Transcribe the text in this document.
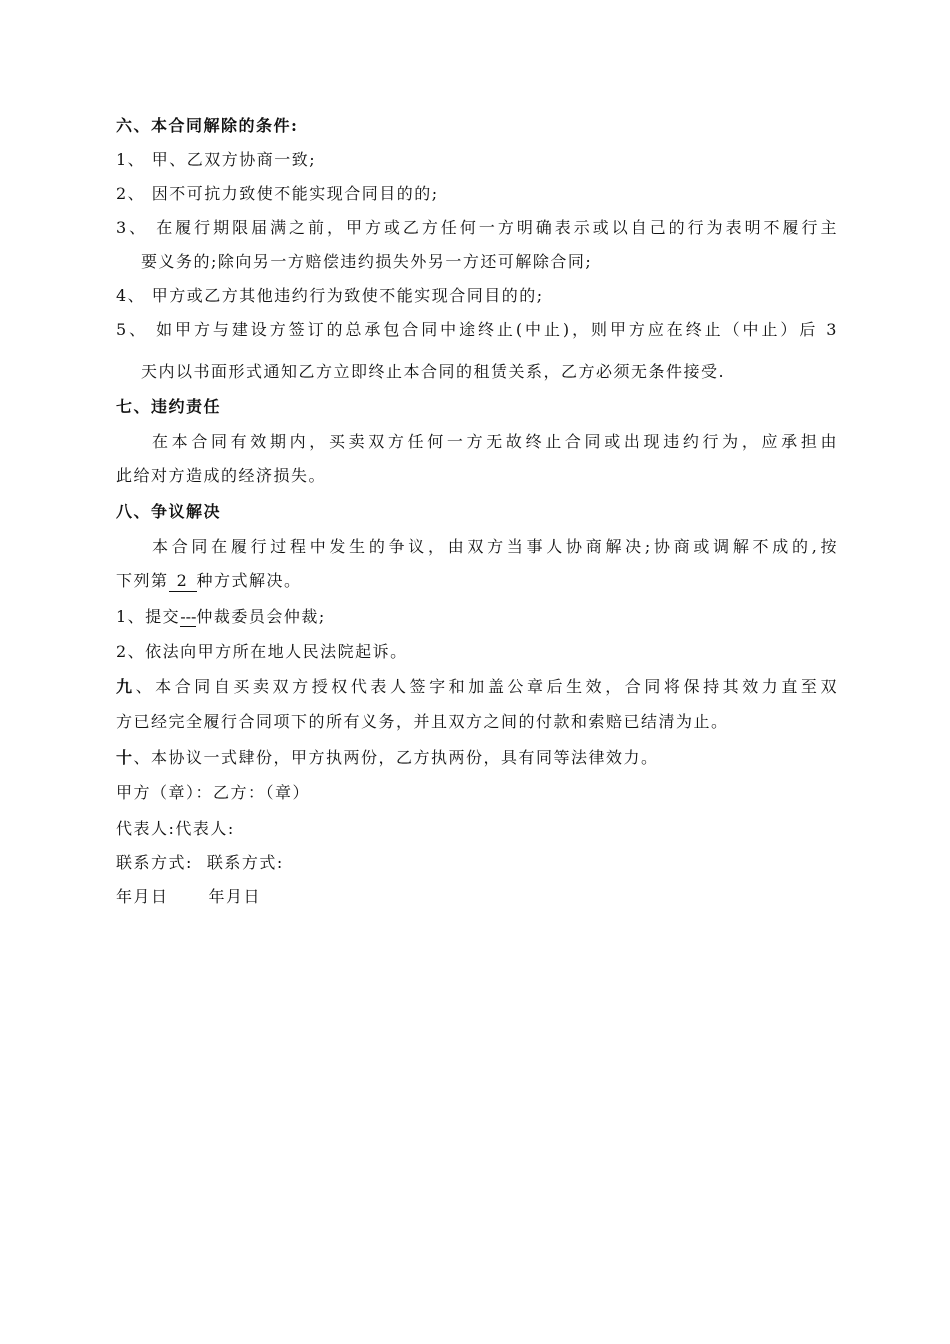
六、本合同解除的条件:
1、 甲、乙双方协商一致;
2、 因不可抗力致使不能实现合同目的的;
3、 在履行期限届满之前，甲方或乙方任何一方明确表示或以自己的行为表明不履行主
要义务的;除向另一方赔偿违约损失外另一方还可解除合同;
4、 甲方或乙方其他违约行为致使不能实现合同目的的;
5、 如甲方与建设方签订的总承包合同中途终止(中止)，则甲方应在终止（中止）后 3
天内以书面形式通知乙方立即终止本合同的租赁关系，乙方必须无条件接受.
七、违约责任
在本合同有效期内，买卖双方任何一方无故终止合同或出现违约行为，应承担由
此给对方造成的经济损失。
八、争议解决
本合同在履行过程中发生的争议，由双方当事人协商解决;协商或调解不成的,按
下列第 2 种方式解决。
1、提交---仲裁委员会仲裁;
2、依法向甲方所在地人民法院起诉。
九、本合同自买卖双方授权代表人签字和加盖公章后生效，合同将保持其效力直至双
方已经完全履行合同项下的所有义务，并且双方之间的付款和索赔已结清为止。
十、本协议一式肆份，甲方执两份，乙方执两份，具有同等法律效力。
甲方（章）：乙方：（章）
代表人:代表人:
联系方式: 联系方式:
年月日	年月日
